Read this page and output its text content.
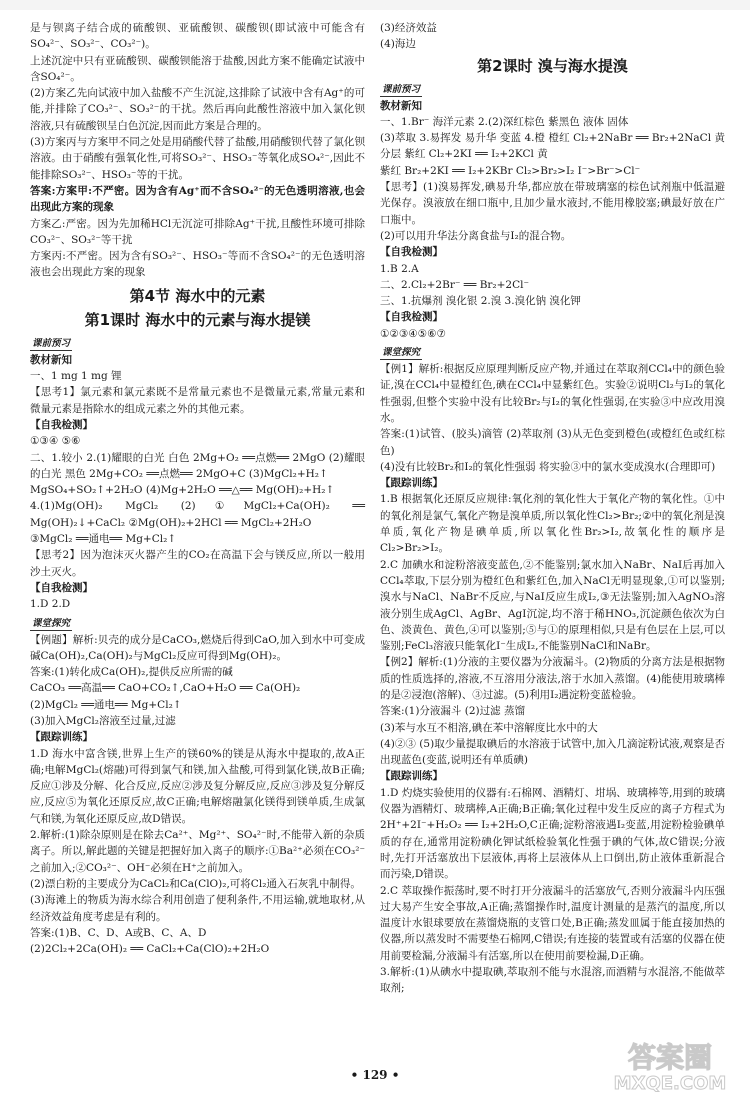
是与钡离子结合成的硫酸钡、亚硫酸钡、碳酸钡(即试液中可能含有SO₄²⁻、SO₃²⁻、CO₃²⁻)。

上述沉淀中只有亚硫酸钡、碳酸钡能溶于盐酸,因此方案不能确定试液中含SO₄²⁻。

(2)方案乙先向试液中加入盐酸不产生沉淀,这排除了试液中含有Ag⁺的可能,并排除了CO₃²⁻、SO₃²⁻的干扰。然后再向此酸性溶液中加入氯化钡溶液,只有硫酸钡呈白色沉淀,因而此方案是合理的。

(3)方案丙与方案甲不同之处是用硝酸代替了盐酸,用硝酸钡代替了氯化钡溶液。由于硝酸有强氧化性,可将SO₃²⁻、HSO₃⁻等氧化成SO₄²⁻,因此不能排除SO₃²⁻、HSO₃⁻等的干扰。

答案:方案甲:不严密。因为含有Ag⁺而不含SO₄²⁻的无色透明溶液,也会出现此方案的现象

方案乙:严密。因为先加稀HCl无沉淀可排除Ag⁺干扰,且酸性环境可排除CO₃²⁻、SO₃²⁻等干扰

方案丙:不严密。因为含有SO₃²⁻、HSO₃⁻等而不含SO₄²⁻的无色透明溶液也会出现此方案的现象

第4节 海水中的元素
第1课时 海水中的元素与海水提镁
课前预习

教材新知

一、1 mg 1 mg 锂

【思考1】氯元素和氯元素既不是常量元素也不是微量元素,常量元素和微量元素是指除水的组成元素之外的其他元素。

【自我检测】

①③④ ⑤⑥

二、1.较小 2.(1)耀眼的白光 白色 2Mg+O₂ ══点燃══ 2MgO (2)耀眼的白光 黑色 2Mg+CO₂ ══点燃══ 2MgO+C (3)MgCl₂+H₂↑

MgSO₄+SO₂↑+2H₂O (4)Mg+2H₂O ══△══ Mg(OH)₂+H₂↑

4.(1)Mg(OH)₂ MgCl₂ (2)①MgCl₂+Ca(OH)₂ ══ Mg(OH)₂↓+CaCl₂ ②Mg(OH)₂+2HCl ══ MgCl₂+2H₂O

③MgCl₂ ══通电══ Mg+Cl₂↑

【思考2】因为泡沫灭火器产生的CO₂在高温下会与镁反应,所以一般用沙土灭火。

【自我检测】

1.D 2.D

课堂探究

【例题】解析:贝壳的成分是CaCO₃,燃烧后得到CaO,加入到水中可变成碱Ca(OH)₂,Ca(OH)₂与MgCl₂反应可得到Mg(OH)₂。

答案:(1)转化成Ca(OH)₂,提供反应所需的碱

CaCO₃ ══高温══ CaO+CO₂↑,CaO+H₂O ══ Ca(OH)₂

(2)MgCl₂ ══通电══ Mg+Cl₂↑

(3)加入MgCl₂溶液至过量,过滤

【跟踪训练】

1.D 海水中富含镁,世界上生产的镁60%的镁是从海水中提取的,故A正确;电解MgCl₂(熔融)可得到氯气和镁,加入盐酸,可得到氯化镁,故B正确;反应①涉及分解、化合反应,反应②涉及复分解反应,反应③涉及复分解反应,反应⑤为氧化还原反应,故C正确;电解熔融氯化镁得到镁单质,生成氯气和镁,为氧化还原反应,故D错误。

2.解析:(1)除杂原则是在除去Ca²⁺、Mg²⁺、SO₄²⁻时,不能带入新的杂质离子。所以,解此题的关键是把握好加入离子的顺序:①Ba²⁺必须在CO₃²⁻之前加入;②CO₃²⁻、OH⁻必须在H⁺之前加入。

(2)漂白粉的主要成分为CaCl₂和Ca(ClO)₂,可将Cl₂通入石灰乳中制得。

(3)海滩上的物质为海水综合利用创造了便利条件,不用运输,就地取材,从经济效益角度考虑是有利的。

答案:(1)B、C、D、A或B、C、A、D

(2)2Cl₂+2Ca(OH)₂ ══ CaCl₂+Ca(ClO)₂+2H₂O

(3)经济效益

(4)海边

第2课时 溴与海水提溴
课前预习

教材新知

一、1.Br⁻ 海洋元素 2.(2)深红棕色 紫黑色 液体 固体

(3)萃取 3.易挥发 易升华 变蓝 4.橙 橙红 Cl₂+2NaBr ══ Br₂+2NaCl 黄 分层 紫红 Cl₂+2KI ══ I₂+2KCl 黄

紫红 Br₂+2KI ══ I₂+2KBr Cl₂>Br₂>I₂ I⁻>Br⁻>Cl⁻

【思考】(1)溴易挥发,碘易升华,都应放在带玻璃塞的棕色试剂瓶中低温避光保存。溴液放在细口瓶中,且加少量水液封,不能用橡胶塞;碘最好放在广口瓶中。

(2)可以用升华法分离食盐与I₂的混合物。

【自我检测】

1.B 2.A

二、2.Cl₂+2Br⁻ ══ Br₂+2Cl⁻

三、1.抗爆剂 溴化银 2.溴 3.溴化钠 溴化钾

【自我检测】

①②③④⑤⑥⑦

课堂探究

【例1】解析:根据反应原理判断反应产物,并通过在萃取剂CCl₄中的颜色验证,溴在CCl₄中显橙红色,碘在CCl₄中显紫红色。实验②说明Cl₂与I₂的氧化性强弱,但整个实验中没有比较Br₂与I₂的氧化性强弱,在实验③中应改用溴水。

答案:(1)试管、(胶头)滴管 (2)萃取剂 (3)从无色变到橙色(或橙红色或红棕色)

(4)没有比较Br₂和I₂的氧化性强弱 将实验③中的氯水变成溴水(合理即可)

【跟踪训练】

1.B 根据氧化还原反应规律:氧化剂的氧化性大于氧化产物的氧化性。①中的氧化剂是氯气,氧化产物是溴单质,所以氧化性Cl₂>Br₂;②中的氧化剂是溴单质,氧化产物是碘单质,所以氧化性Br₂>I₂,故氧化性的顺序是Cl₂>Br₂>I₂。

2.C 加碘水和淀粉溶液变蓝色,②不能鉴别;氯水加入NaBr、NaI后再加入CCl₄萃取,下层分别为橙红色和紫红色,加入NaCl无明显现象,①可以鉴别;溴水与NaCl、NaBr不反应,与NaI反应生成I₂,③无法鉴别;加入AgNO₃溶液分别生成AgCl、AgBr、AgI沉淀,均不溶于稀HNO₃,沉淀颜色依次为白色、淡黄色、黄色,④可以鉴别;⑤与①的原理相似,只是有色层在上层,可以鉴别;FeCl₃溶液只能氧化I⁻生成I₂,不能鉴别NaCl和NaBr。

【例2】解析:(1)分液的主要仪器为分液漏斗。(2)物质的分离方法是根据物质的性质选择的,溶液,不互溶用分液法,溶于水加入蒸馏。(4)能使用玻璃棒的是②浸泡(溶解)、③过滤。(5)利用I₂遇淀粉变蓝检验。

答案:(1)分液漏斗 (2)过滤 蒸馏

(3)苯与水互不相溶,碘在苯中溶解度比水中的大

(4)②③ (5)取少量提取碘后的水溶液于试管中,加入几滴淀粉试液,观察是否出现蓝色(变蓝,说明还有单质碘)

【跟踪训练】

1.D 灼烧实验使用的仪器有:石棉网、酒精灯、坩埚、玻璃棒等,用到的玻璃仪器为酒精灯、玻璃棒,A正确;B正确;氧化过程中发生反应的离子方程式为2H⁺+2I⁻+H₂O₂ ══ I₂+2H₂O,C正确;淀粉溶液遇I₂变蓝,用淀粉检验碘单质的存在,通常用淀粉碘化钾试纸检验氧化性强于碘的气体,故C错误;分液时,先打开活塞放出下层液体,再将上层液体从上口倒出,防止液体重新混合而污染,D错误。

2.C 萃取操作振荡时,要不时打开分液漏斗的活塞放气,否则分液漏斗内压强过大易产生安全事故,A正确;蒸馏操作时,温度计测量的是蒸汽的温度,所以温度计水银球要放在蒸馏烧瓶的支管口处,B正确;蒸发皿属于能直接加热的仪器,所以蒸发时不需要垫石棉网,C错误;有连接的装置或有活塞的仪器在使用前要检漏,分液漏斗有活塞,所以在使用前要检漏,D正确。

3.解析:(1)从碘水中提取碘,萃取剂不能与水混溶,而酒精与水混溶,不能做萃取剂;

• 129 •
答案圈
MXQE.COM
